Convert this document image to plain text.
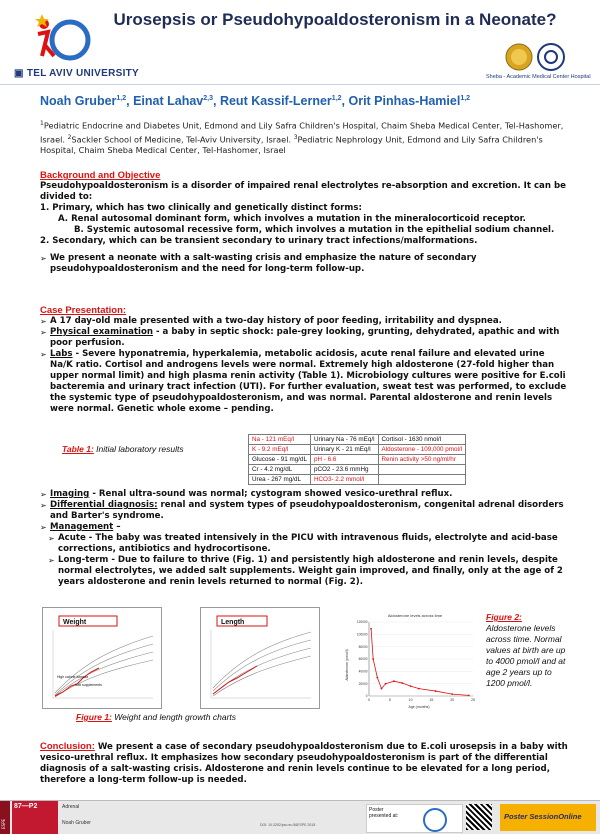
Urosepsis or Pseudohypoaldosteronism in a Neonate?
▣ TEL AVIV UNIVERSITY	Sheba - Academic Medical Center Hospital
Noah Gruber$^{1,2}$, Einat Lahav$^{2,3}$, Reut Kassif-Lerner$^{1,2}$, Orit Pinhas-Hamiel$^{1,2}$
$^1$Pediatric Endocrine and Diabetes Unit, Edmond and Lily Safra Children's Hospital, Chaim Sheba Medical Center, Tel-Hashomer, Israel. $^2$Sackler School of Medicine, Tel-Aviv University, Israel. $^3$Pediatric Nephrology Unit, Edmond and Lily Safra Children's Hospital, Chaim Sheba Medical Center, Tel-Hashomer, Israel
Background and Objective
Pseudohypoaldosteronism is a disorder of impaired renal electrolytes re-absorption and excretion. It can be divided to:
1. Primary, which has two clinically and genetically distinct forms:
A. Renal autosomal dominant form, which involves a mutation in the mineralocorticoid receptor.
B. Systemic autosomal recessive form, which involves a mutation in the epithelial sodium channel.
2. Secondary, which can be transient secondary to urinary tract infections/malformations.
➢ We present a neonate with a salt-wasting crisis and emphasize the nature of secondary pseudohypoaldosteronism and the need for long-term follow-up.
Case Presentation:
➢ A 17 day-old male presented with a two-day history of poor feeding, irritability and dyspnea.
➢ Physical examination - a baby in septic shock: pale-grey looking, grunting, dehydrated, apathic and with poor perfusion.
➢ Labs - Severe hyponatremia, hyperkalemia, metabolic acidosis, acute renal failure and elevated urine Na/K ratio. Cortisol and androgens levels were normal. Extremely high aldosterone (27-fold higher than upper normal limit) and high plasma renin activity (Table 1). Microbiology cultures were positive for E.coli bacteremia and urinary tract infection (UTI). For further evaluation, sweat test was performed, to exclude the systemic type of pseudohypoaldosteronism, and was normal. Parental aldosterone and renin levels were normal. Genetic whole exome – pending.
Table 1: Initial laboratory results
Na - 121 mEq/l	Urinary Na - 76 mEq/l	Cortisol - 1630 nmol/l
K - 9.2 mEq/l	Urinary K - 21 mEq/l	Aldosterone - 109,000 pmol/l
Glucose - 91 mg/dL	pH - 6.6	Renin activity >50 ng/ml/hr
Cr - 4.2 mg/dL	pCO2 - 23.6 mmHg	
Urea - 267 mg/dL	HCO3- 2.2 mmol/l	
➢ Imaging - Renal ultra-sound was normal; cystogram showed vesico-urethral reflux.
➢ Differential diagnosis: renal and system types of pseudohypoaldosteronism, congenital adrenal disorders and Barter's syndrome.
➢ Management –
➢ Acute - The baby was treated intensively in the PICU with intravenous fluids, electrolyte and acid-base corrections, antibiotics and hydrocortisone.
➢ Long-term - Due to failure to thrive (Fig. 1) and persistently high aldosterone and renin levels, despite normal electrolytes, we added salt supplements. Weight gain improved, and finally, only at the age of 2 years aldosterone and renin levels returned to normal (Fig. 2).
Weight
Salt supplements
High calorie formula
Length
Figure 1: Weight and length growth charts
Aldosterone levels across time
Aldosterone (pmol/l)
Age (months)
0	5	10	15	20	25
0
20000
40000
60000
80000
100000
120000
Figure 2:
Aldosterone levels across time. Normal values at birth are up to 4000 pmol/l and at age 2 years up to 1200 pmol/l.
Conclusion: We present a case of secondary pseudohypoaldosteronism due to E.coli urosepsis in a baby with vesico-urethral reflux. It emphasizes how secondary pseudohypoaldosteronism is part of the differential diagnosis of a salt-wasting crisis. Aldosterone and renin levels continue to be elevated for a long period, therefore a long-term follow-up is needed.
ESPE
87—P2	Adrenal
Noah Gruber	DOI: 10.3252/pso.eu.56ESPE.2018
Poster presented at:	Poster SessionOnline
